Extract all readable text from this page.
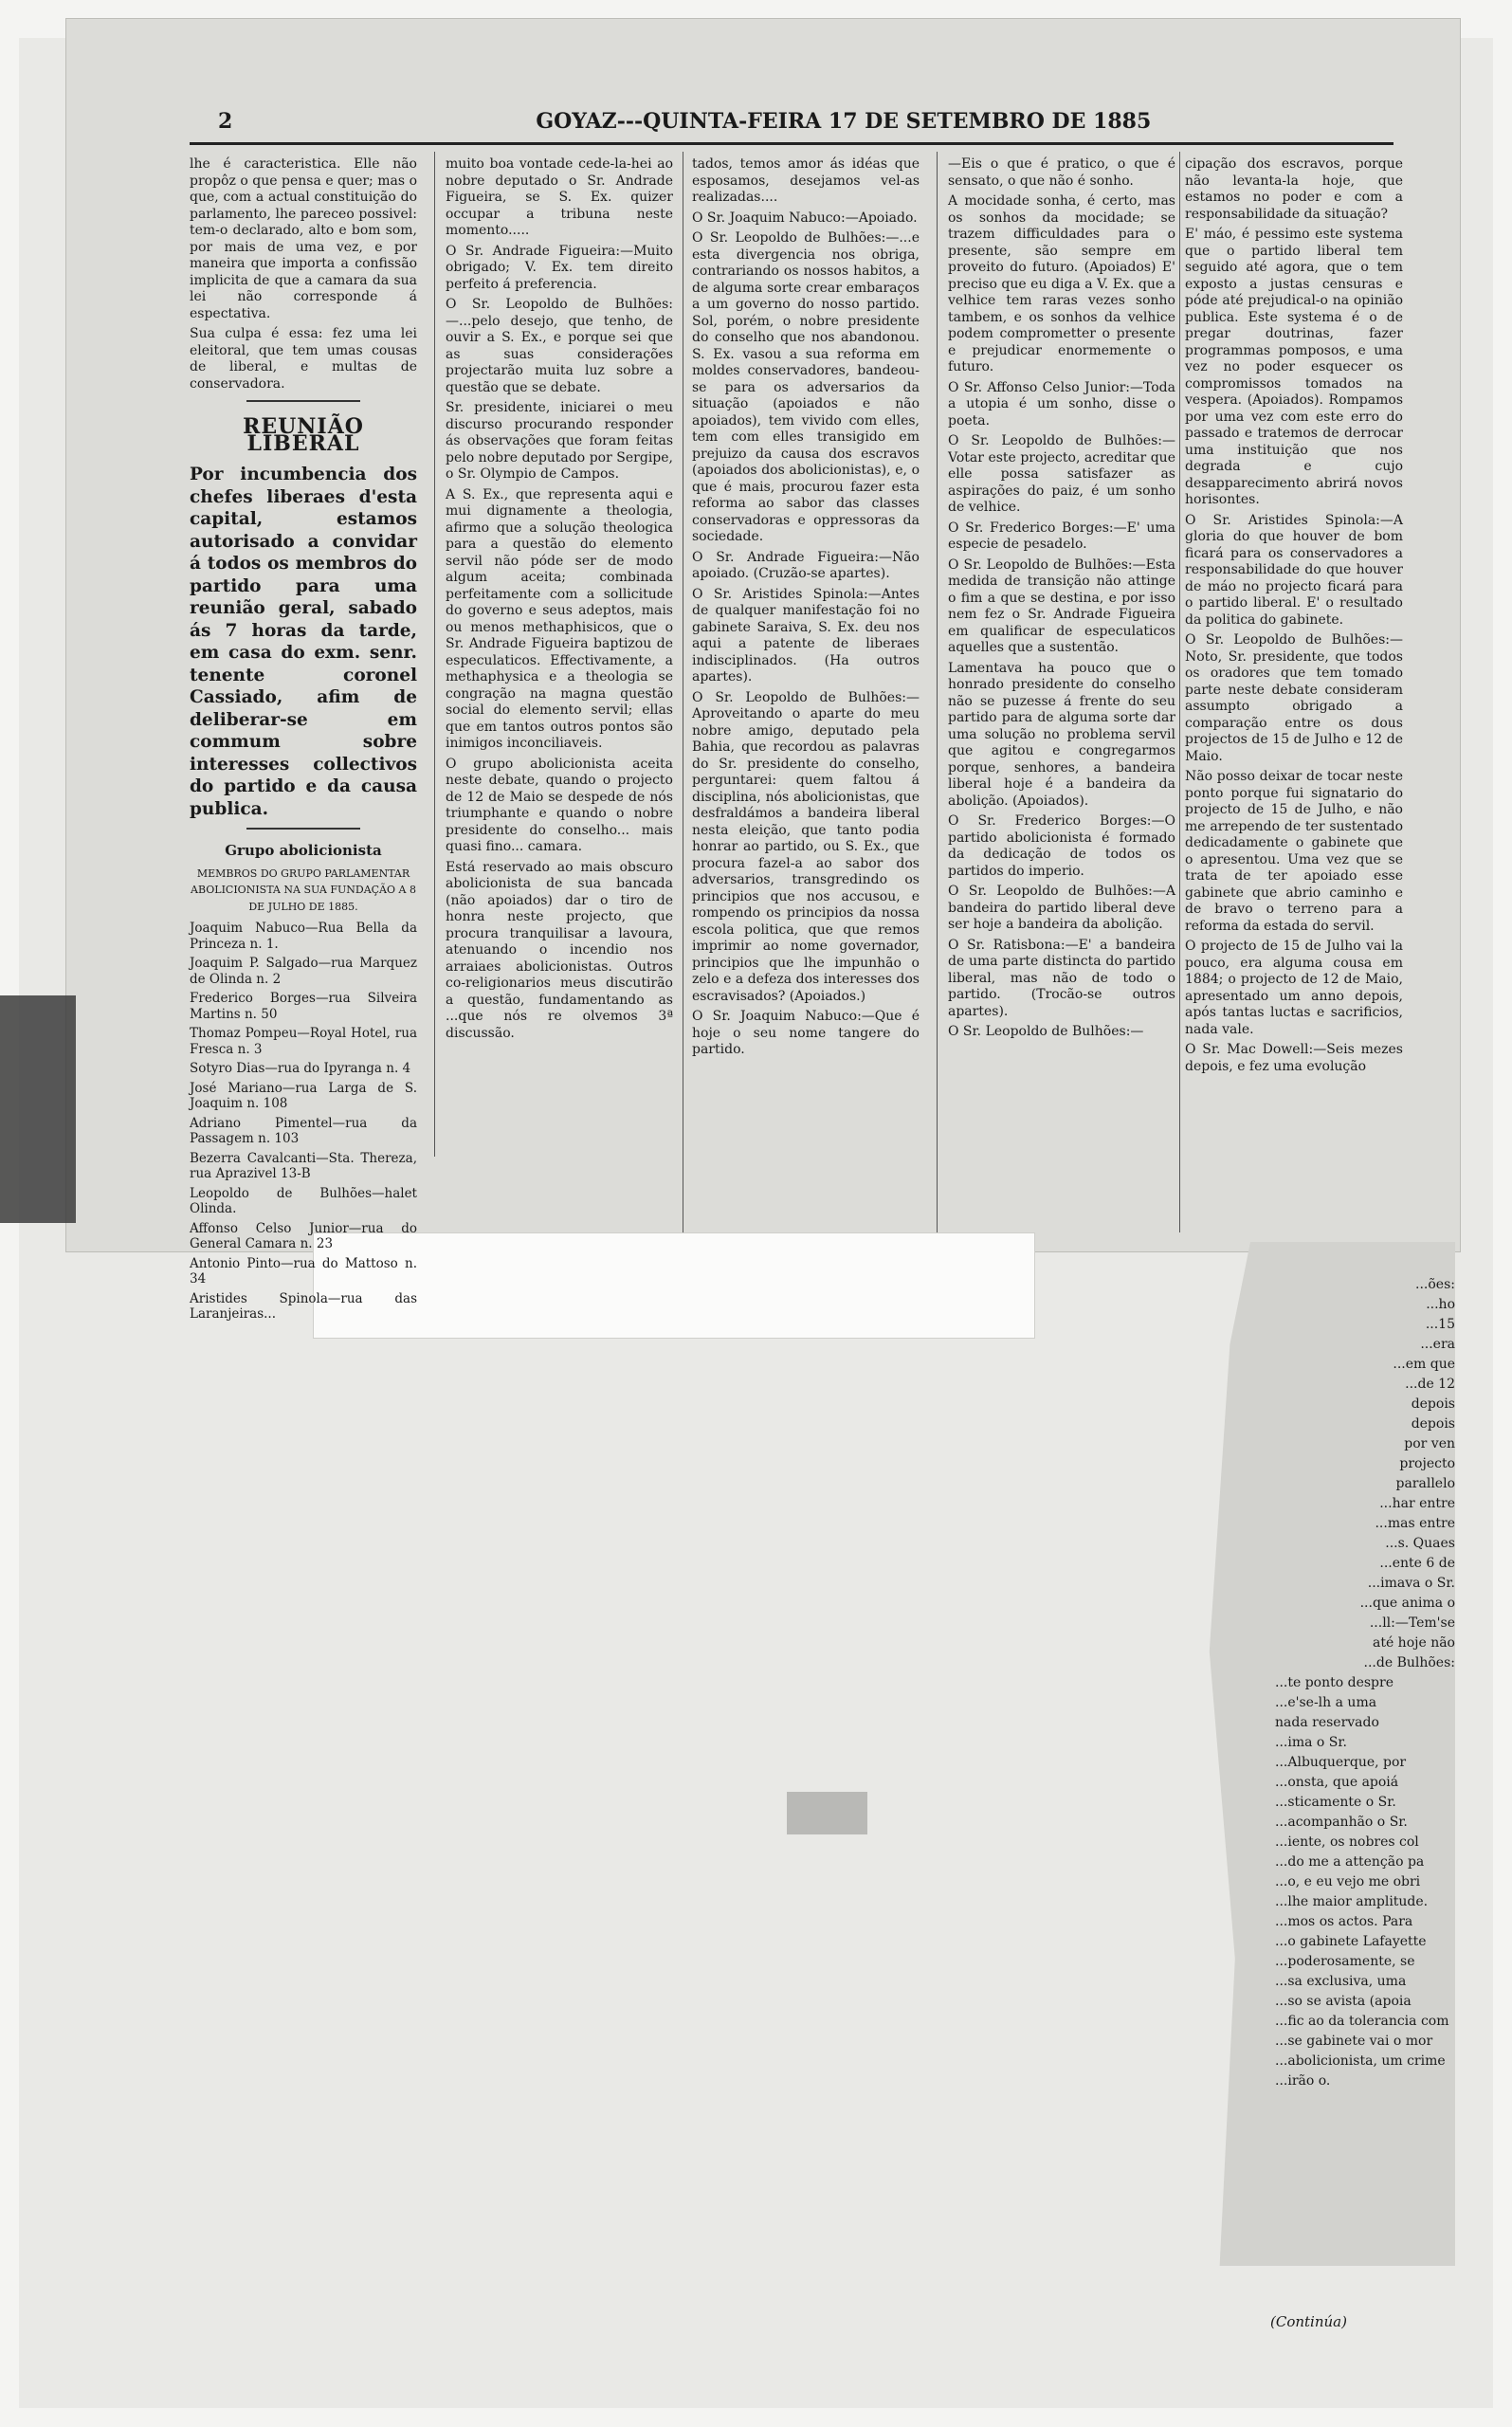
2	GOYAZ---QUINTA-FEIRA 17 DE SETEMBRO DE 1885

lhe é caracteristica. Elle não propôz o que pensa e quer; mas o que, com a actual constituição do parlamento, lhe pareceo possivel: tem-o declarado, alto e bom som, por mais de uma vez, e por maneira que importa a confissão implicita de que a camara da sua lei não corresponde á espectativa.

Sua culpa é essa: fez uma lei eleitoral, que tem umas cousas de liberal, e multas de conservadora.

REUNIÃO LIBERAL
Por incumbencia dos chefes liberaes d'esta capital, estamos autorisado a convidar á todos os membros do partido para uma reunião geral, sabado ás 7 horas da tarde, em casa do exm. senr. tenente coronel Cassiado, afim de deliberar-se em commum sobre interesses collectivos do partido e da causa publica.
Grupo abolicionista
MEMBROS DO GRUPO PARLAMENTAR ABOLICIONISTA NA SUA FUNDAÇÃO A 8 DE JULHO DE 1885.

Joaquim Nabuco—Rua Bella da Princeza n. 1.

Joaquim P. Salgado—rua Marquez de Olinda n. 2

Frederico Borges—rua Silveira Martins n. 50

Thomaz Pompeu—Royal Hotel, rua Fresca n. 3

Sotyro Dias—rua do Ipyranga n. 4

José Mariano—rua Larga de S. Joaquim n. 108

Adriano Pimentel—rua da Passagem n. 103

Bezerra Cavalcanti—Sta. Thereza, rua Aprazivel 13-B

Leopoldo de Bulhões—halet Olinda.

Affonso Celso Junior—rua do General Camara n. 23

Antonio Pinto—rua do Mattoso n. 34

Aristides Spinola—rua das Laranjeiras...

muito boa vontade cede-la-hei ao nobre deputado o Sr. Andrade Figueira, se S. Ex. quizer occupar a tribuna neste momento.....

O Sr. Andrade Figueira:—Muito obrigado; V. Ex. tem direito perfeito á preferencia.

O Sr. Leopoldo de Bulhões:—...pelo desejo, que tenho, de ouvir a S. Ex., e porque sei que as suas considerações projectarão muita luz sobre a questão que se debate.

Sr. presidente, iniciarei o meu discurso procurando responder ás observações que foram feitas pelo nobre deputado por Sergipe, o Sr. Olympio de Campos.

A S. Ex., que representa aqui e mui dignamente a theologia, afirmo que a solução theologica para a questão do elemento servil não póde ser de modo algum aceita; combinada perfeitamente com a sollicitude do governo e seus adeptos, mais ou menos methaphisicos, que o Sr. Andrade Figueira baptizou de especulaticos. Effectivamente, a methaphysica e a theologia se congração na magna questão social do elemento servil; ellas que em tantos outros pontos são inimigos inconciliaveis.

O grupo abolicionista aceita neste debate, quando o projecto de 12 de Maio se despede de nós triumphante e quando o nobre presidente do conselho... mais quasi fino... camara.

Está reservado ao mais obscuro abolicionista de sua bancada (não apoiados) dar o tiro de honra neste projecto, que procura tranquilisar a lavoura, atenuando o incendio nos arraiaes abolicionistas. Outros co-religionarios meus discutirão a questão, fundamentando as ...que nós re olvemos 3ª discussão.

tados, temos amor ás idéas que esposamos, desejamos vel-as realizadas....

O Sr. Joaquim Nabuco:—Apoiado.

O Sr. Leopoldo de Bulhões:—...e esta divergencia nos obriga, contrariando os nossos habitos, a de alguma sorte crear embaraços a um governo do nosso partido. Sol, porém, o nobre presidente do conselho que nos abandonou. S. Ex. vasou a sua reforma em moldes conservadores, bandeou-se para os adversarios da situação (apoiados e não apoiados), tem vivido com elles, tem com elles transigido em prejuizo da causa dos escravos (apoiados dos abolicionistas), e, o que é mais, procurou fazer esta reforma ao sabor das classes conservadoras e oppressoras da sociedade.

O Sr. Andrade Figueira:—Não apoiado. (Cruzão-se apartes).

O Sr. Aristides Spinola:—Antes de qualquer manifestação foi no gabinete Saraiva, S. Ex. deu nos aqui a patente de liberaes indisciplinados. (Ha outros apartes).

O Sr. Leopoldo de Bulhões:—Aproveitando o aparte do meu nobre amigo, deputado pela Bahia, que recordou as palavras do Sr. presidente do conselho, perguntarei: quem faltou á disciplina, nós abolicionistas, que desfraldámos a bandeira liberal nesta eleição, que tanto podia honrar ao partido, ou S. Ex., que procura fazel-a ao sabor dos adversarios, transgredindo os principios que nos accusou, e rompendo os principios da nossa escola politica, que que remos imprimir ao nome governador, principios que lhe impunhão o zelo e a defeza dos interesses dos escravisados? (Apoiados.)

O Sr. Joaquim Nabuco:—Que é hoje o seu nome tangere do partido.

—Eis o que é pratico, o que é sensato, o que não é sonho.

A mocidade sonha, é certo, mas os sonhos da mocidade; se trazem difficuldades para o presente, são sempre em proveito do futuro. (Apoiados) E' preciso que eu diga a V. Ex. que a velhice tem raras vezes sonho tambem, e os sonhos da velhice podem comprometter o presente e prejudicar enormemente o futuro.

O Sr. Affonso Celso Junior:—Toda a utopia é um sonho, disse o poeta.

O Sr. Leopoldo de Bulhões:—Votar este projecto, acreditar que elle possa satisfazer as aspirações do paiz, é um sonho de velhice.

O Sr. Frederico Borges:—E' uma especie de pesadelo.

O Sr. Leopoldo de Bulhões:—Esta medida de transição não attinge o fim a que se destina, e por isso nem fez o Sr. Andrade Figueira em qualificar de especulaticos aquelles que a sustentão.

Lamentava ha pouco que o honrado presidente do conselho não se puzesse á frente do seu partido para de alguma sorte dar uma solução no problema servil que agitou e congregarmos porque, senhores, a bandeira liberal hoje é a bandeira da abolição. (Apoiados).

O Sr. Frederico Borges:—O partido abolicionista é formado da dedicação de todos os partidos do imperio.

O Sr. Leopoldo de Bulhões:—A bandeira do partido liberal deve ser hoje a bandeira da abolição.

O Sr. Ratisbona:—E' a bandeira de uma parte distincta do partido liberal, mas não de todo o partido. (Trocão-se outros apartes).

O Sr. Leopoldo de Bulhões:—

cipação dos escravos, porque não levanta-la hoje, que estamos no poder e com a responsabilidade da situação?

E' máo, é pessimo este systema que o partido liberal tem seguido até agora, que o tem exposto a justas censuras e póde até prejudical-o na opinião publica. Este systema é o de pregar doutrinas, fazer programmas pomposos, e uma vez no poder esquecer os compromissos tomados na vespera. (Apoiados). Rompamos por uma vez com este erro do passado e tratemos de derrocar uma instituição que nos degrada e cujo desapparecimento abrirá novos horisontes.

O Sr. Aristides Spinola:—A gloria do que houver de bom ficará para os conservadores a responsabilidade do que houver de máo no projecto ficará para o partido liberal. E' o resultado da politica do gabinete.

O Sr. Leopoldo de Bulhões:—Noto, Sr. presidente, que todos os oradores que tem tomado parte neste debate consideram assumpto obrigado a comparação entre os dous projectos de 15 de Julho e 12 de Maio.

Não posso deixar de tocar neste ponto porque fui signatario do projecto de 15 de Julho, e não me arrependo de ter sustentado dedicadamente o gabinete que o apresentou. Uma vez que se trata de ter apoiado esse gabinete que abrio caminho e de bravo o terreno para a reforma da estada do servil.

O projecto de 15 de Julho vai la pouco, era alguma cousa em 1884; o projecto de 12 de Maio, apresentado um anno depois, após tantas luctas e sacrificios, nada vale.

O Sr. Mac Dowell:—Seis mezes depois, e fez uma evolução

...ões:
...ho
...15
...era
...em que
...de 12
depois
depois
por ven
projecto
parallelo
...har entre
...mas entre
...s. Quaes
...ente 6 de
...imava o Sr.
...que anima o
...ll:—Tem'se
até hoje não
...de Bulhões:
...te ponto despre
...e'se-lh a uma
nada reservado
...ima o Sr.
...Albuquerque, por
...onsta, que apoiá
...sticamente o Sr.
...acompanhão o Sr.
...iente, os nobres col
...do me a attenção pa
...o, e eu vejo me obri
...lhe maior amplitude.
...mos os actos. Para
...o gabinete Lafayette
...poderosamente, se
...sa exclusiva, uma
...so se avista (apoia
...fic ao da tolerancia com
...se gabinete vai o mor
...abolicionista, um crime
...irão o.
(Continúa)
